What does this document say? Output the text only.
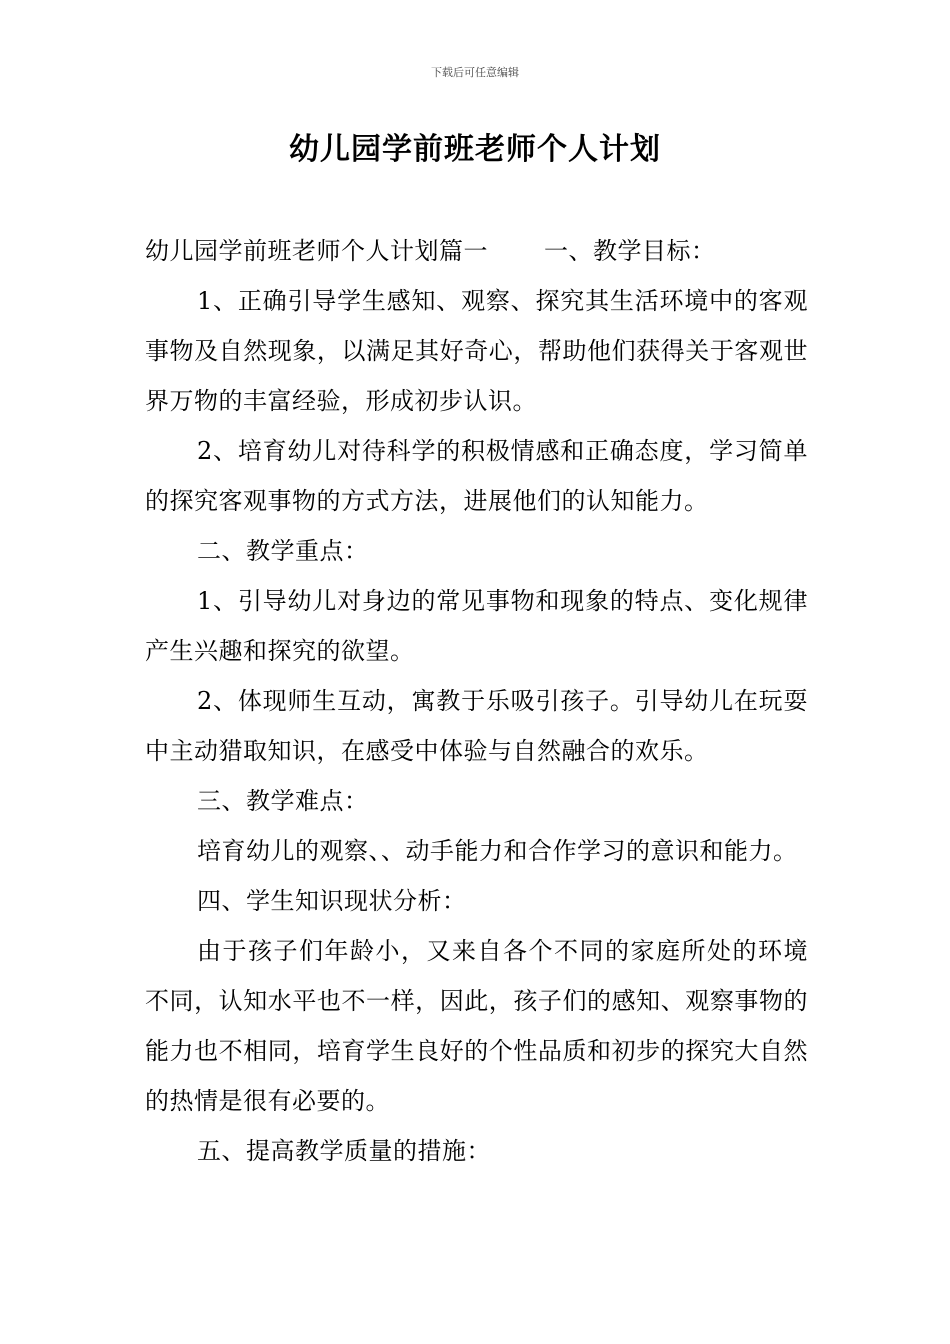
下载后可任意编辑
幼儿园学前班老师个人计划

幼儿园学前班老师个人计划篇一 一、教学目标：

1、正确引导学生感知、观察、探究其生活环境中的客观事物及自然现象，以满足其好奇心，帮助他们获得关于客观世界万物的丰富经验，形成初步认识。

2、培育幼儿对待科学的积极情感和正确态度，学习简单的探究客观事物的方式方法，进展他们的认知能力。

二、教学重点：

1、引导幼儿对身边的常见事物和现象的特点、变化规律产生兴趣和探究的欲望。

2、体现师生互动，寓教于乐吸引孩子。引导幼儿在玩耍中主动猎取知识，在感受中体验与自然融合的欢乐。

三、教学难点：

培育幼儿的观察、、动手能力和合作学习的意识和能力。

四、学生知识现状分析：

由于孩子们年龄小，又来自各个不同的家庭所处的环境不同，认知水平也不一样，因此，孩子们的感知、观察事物的能力也不相同，培育学生良好的个性品质和初步的探究大自然的热情是很有必要的。

五、提高教学质量的措施：
